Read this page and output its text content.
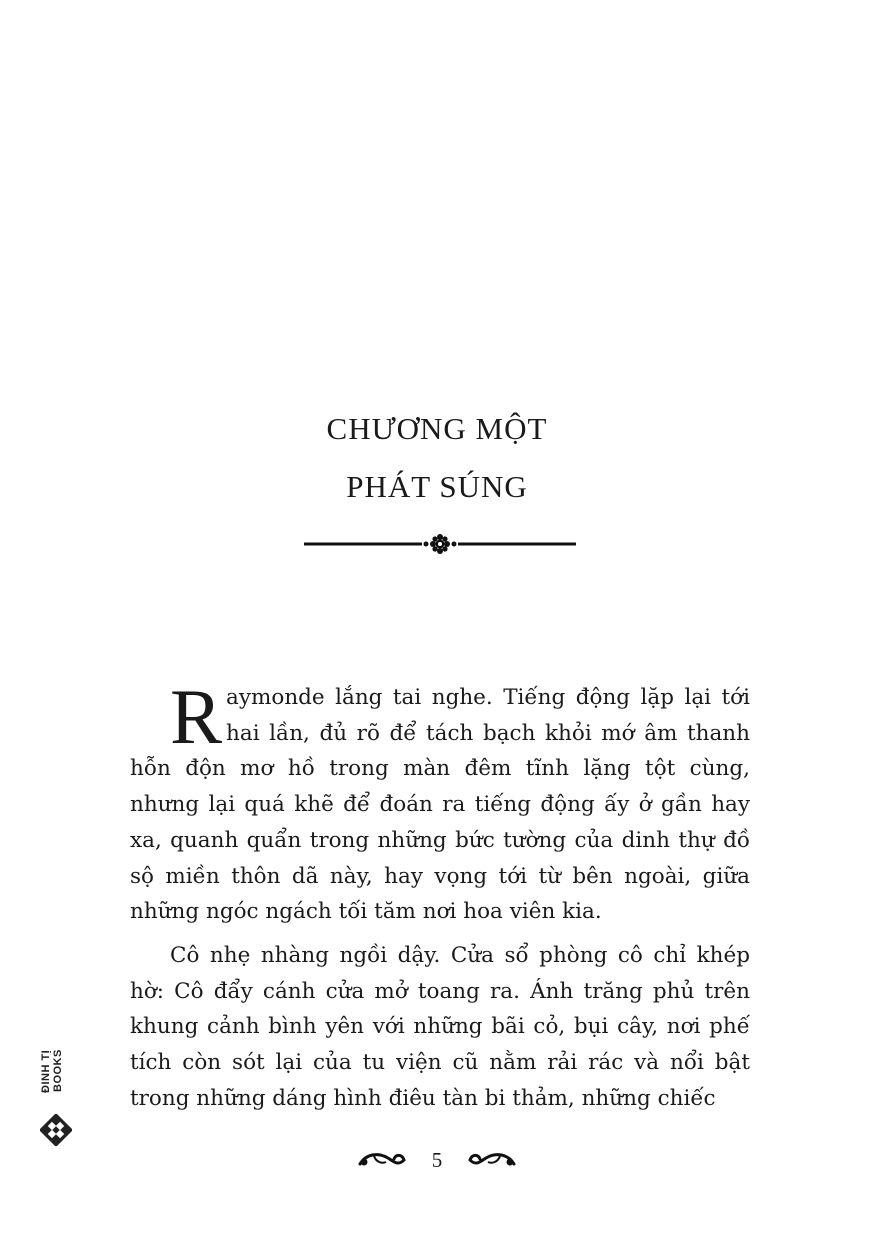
CHƯƠNG MỘT
PHÁT SÚNG

Raymonde lắng tai nghe. Tiếng động lặp lại tới hai lần, đủ rõ để tách bạch khỏi mớ âm thanh hỗn độn mơ hồ trong màn đêm tĩnh lặng tột cùng, nhưng lại quá khẽ để đoán ra tiếng động ấy ở gần hay xa, quanh quẩn trong những bức tường của dinh thự đồ sộ miền thôn dã này, hay vọng tới từ bên ngoài, giữa những ngóc ngách tối tăm nơi hoa viên kia.

Cô nhẹ nhàng ngồi dậy. Cửa sổ phòng cô chỉ khép hờ: Cô đẩy cánh cửa mở toang ra. Ánh trăng phủ trên khung cảnh bình yên với những bãi cỏ, bụi cây, nơi phế tích còn sót lại của tu viện cũ nằm rải rác và nổi bật trong những dáng hình điêu tàn bi thảm, những chiếc

5
ĐINH TỊ BOOKS
